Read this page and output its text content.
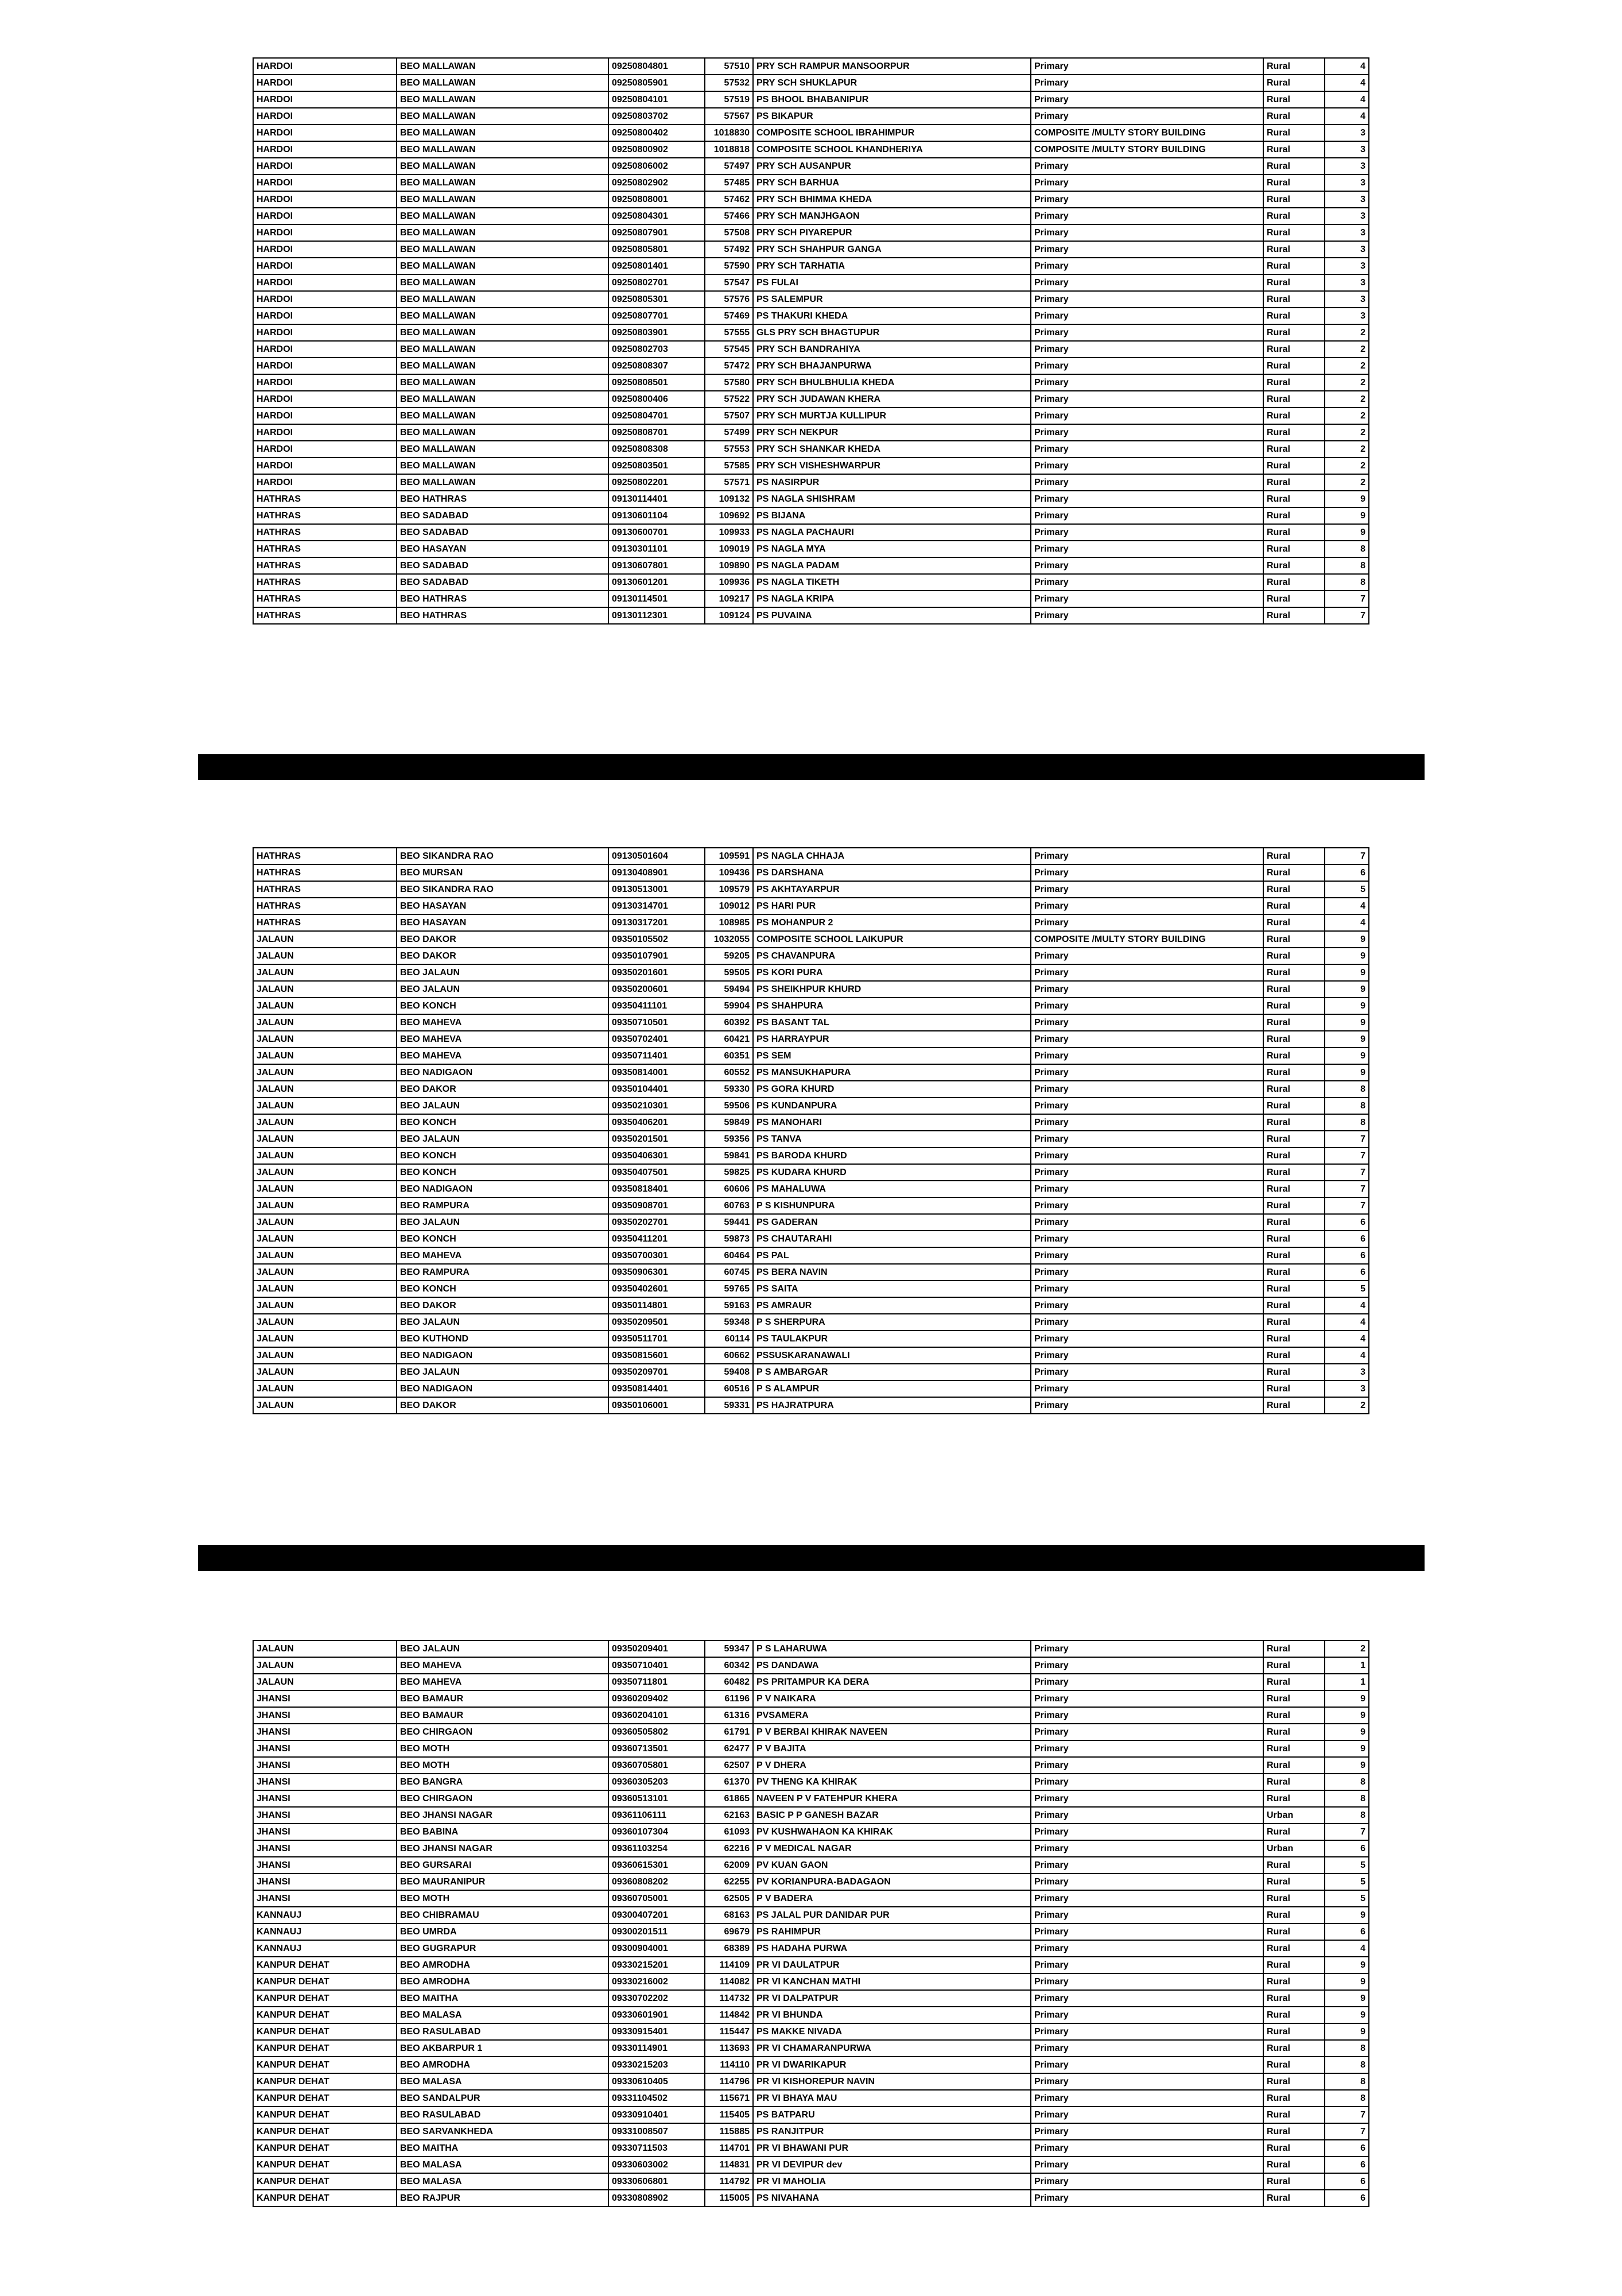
HARDOI	BEO MALLAWAN	09250804801	57510	PRY SCH RAMPUR MANSOORPUR	Primary	Rural	4
HARDOI	BEO MALLAWAN	09250805901	57532	PRY SCH SHUKLAPUR	Primary	Rural	4
HARDOI	BEO MALLAWAN	09250804101	57519	PS BHOOL BHABANIPUR	Primary	Rural	4
HARDOI	BEO MALLAWAN	09250803702	57567	PS BIKAPUR	Primary	Rural	4
HARDOI	BEO MALLAWAN	09250800402	1018830	COMPOSITE SCHOOL IBRAHIMPUR	COMPOSITE /MULTY STORY BUILDING	Rural	3
HARDOI	BEO MALLAWAN	09250800902	1018818	COMPOSITE SCHOOL KHANDHERIYA	COMPOSITE /MULTY STORY BUILDING	Rural	3
HARDOI	BEO MALLAWAN	09250806002	57497	PRY SCH AUSANPUR	Primary	Rural	3
HARDOI	BEO MALLAWAN	09250802902	57485	PRY SCH BARHUA	Primary	Rural	3
HARDOI	BEO MALLAWAN	09250808001	57462	PRY SCH BHIMMA KHEDA	Primary	Rural	3
HARDOI	BEO MALLAWAN	09250804301	57466	PRY SCH MANJHGAON	Primary	Rural	3
HARDOI	BEO MALLAWAN	09250807901	57508	PRY SCH PIYAREPUR	Primary	Rural	3
HARDOI	BEO MALLAWAN	09250805801	57492	PRY SCH SHAHPUR GANGA	Primary	Rural	3
HARDOI	BEO MALLAWAN	09250801401	57590	PRY SCH TARHATIA	Primary	Rural	3
HARDOI	BEO MALLAWAN	09250802701	57547	PS FULAI	Primary	Rural	3
HARDOI	BEO MALLAWAN	09250805301	57576	PS SALEMPUR	Primary	Rural	3
HARDOI	BEO MALLAWAN	09250807701	57469	PS THAKURI KHEDA	Primary	Rural	3
HARDOI	BEO MALLAWAN	09250803901	57555	GLS PRY SCH BHAGTUPUR	Primary	Rural	2
HARDOI	BEO MALLAWAN	09250802703	57545	PRY SCH BANDRAHIYA	Primary	Rural	2
HARDOI	BEO MALLAWAN	09250808307	57472	PRY SCH BHAJANPURWA	Primary	Rural	2
HARDOI	BEO MALLAWAN	09250808501	57580	PRY SCH BHULBHULIA KHEDA	Primary	Rural	2
HARDOI	BEO MALLAWAN	09250800406	57522	PRY SCH JUDAWAN KHERA	Primary	Rural	2
HARDOI	BEO MALLAWAN	09250804701	57507	PRY SCH MURTJA KULLIPUR	Primary	Rural	2
HARDOI	BEO MALLAWAN	09250808701	57499	PRY SCH NEKPUR	Primary	Rural	2
HARDOI	BEO MALLAWAN	09250808308	57553	PRY SCH SHANKAR KHEDA	Primary	Rural	2
HARDOI	BEO MALLAWAN	09250803501	57585	PRY SCH VISHESHWARPUR	Primary	Rural	2
HARDOI	BEO MALLAWAN	09250802201	57571	PS NASIRPUR	Primary	Rural	2
HATHRAS	BEO HATHRAS	09130114401	109132	PS NAGLA SHISHRAM	Primary	Rural	9
HATHRAS	BEO SADABAD	09130601104	109692	PS BIJANA	Primary	Rural	9
HATHRAS	BEO SADABAD	09130600701	109933	PS NAGLA PACHAURI	Primary	Rural	9
HATHRAS	BEO HASAYAN	09130301101	109019	PS NAGLA MYA	Primary	Rural	8
HATHRAS	BEO SADABAD	09130607801	109890	PS NAGLA PADAM	Primary	Rural	8
HATHRAS	BEO SADABAD	09130601201	109936	PS NAGLA TIKETH	Primary	Rural	8
HATHRAS	BEO HATHRAS	09130114501	109217	PS NAGLA KRIPA	Primary	Rural	7
HATHRAS	BEO HATHRAS	09130112301	109124	PS PUVAINA	Primary	Rural	7
HATHRAS	BEO SIKANDRA RAO	09130501604	109591	PS NAGLA CHHAJA	Primary	Rural	7
HATHRAS	BEO MURSAN	09130408901	109436	PS DARSHANA	Primary	Rural	6
HATHRAS	BEO SIKANDRA RAO	09130513001	109579	PS AKHTAYARPUR	Primary	Rural	5
HATHRAS	BEO HASAYAN	09130314701	109012	PS HARI PUR	Primary	Rural	4
HATHRAS	BEO HASAYAN	09130317201	108985	PS MOHANPUR 2	Primary	Rural	4
JALAUN	BEO DAKOR	09350105502	1032055	COMPOSITE SCHOOL LAIKUPUR	COMPOSITE /MULTY STORY BUILDING	Rural	9
JALAUN	BEO DAKOR	09350107901	59205	PS CHAVANPURA	Primary	Rural	9
JALAUN	BEO JALAUN	09350201601	59505	PS KORI PURA	Primary	Rural	9
JALAUN	BEO JALAUN	09350200601	59494	PS SHEIKHPUR KHURD	Primary	Rural	9
JALAUN	BEO KONCH	09350411101	59904	PS SHAHPURA	Primary	Rural	9
JALAUN	BEO MAHEVA	09350710501	60392	PS BASANT TAL	Primary	Rural	9
JALAUN	BEO MAHEVA	09350702401	60421	PS HARRAYPUR	Primary	Rural	9
JALAUN	BEO MAHEVA	09350711401	60351	PS SEM	Primary	Rural	9
JALAUN	BEO NADIGAON	09350814001	60552	PS MANSUKHAPURA	Primary	Rural	9
JALAUN	BEO DAKOR	09350104401	59330	PS GORA KHURD	Primary	Rural	8
JALAUN	BEO JALAUN	09350210301	59506	PS KUNDANPURA	Primary	Rural	8
JALAUN	BEO KONCH	09350406201	59849	PS MANOHARI	Primary	Rural	8
JALAUN	BEO JALAUN	09350201501	59356	PS TANVA	Primary	Rural	7
JALAUN	BEO KONCH	09350406301	59841	PS BARODA KHURD	Primary	Rural	7
JALAUN	BEO KONCH	09350407501	59825	PS KUDARA KHURD	Primary	Rural	7
JALAUN	BEO NADIGAON	09350818401	60606	PS MAHALUWA	Primary	Rural	7
JALAUN	BEO RAMPURA	09350908701	60763	P S KISHUNPURA	Primary	Rural	7
JALAUN	BEO JALAUN	09350202701	59441	PS GADERAN	Primary	Rural	6
JALAUN	BEO KONCH	09350411201	59873	PS CHAUTARAHI	Primary	Rural	6
JALAUN	BEO MAHEVA	09350700301	60464	PS PAL	Primary	Rural	6
JALAUN	BEO RAMPURA	09350906301	60745	PS BERA NAVIN	Primary	Rural	6
JALAUN	BEO KONCH	09350402601	59765	PS SAITA	Primary	Rural	5
JALAUN	BEO DAKOR	09350114801	59163	PS AMRAUR	Primary	Rural	4
JALAUN	BEO JALAUN	09350209501	59348	P S SHERPURA	Primary	Rural	4
JALAUN	BEO KUTHOND	09350511701	60114	PS TAULAKPUR	Primary	Rural	4
JALAUN	BEO NADIGAON	09350815601	60662	PSSUSKARANAWALI	Primary	Rural	4
JALAUN	BEO JALAUN	09350209701	59408	P S AMBARGAR	Primary	Rural	3
JALAUN	BEO NADIGAON	09350814401	60516	P S ALAMPUR	Primary	Rural	3
JALAUN	BEO DAKOR	09350106001	59331	PS HAJRATPURA	Primary	Rural	2
JALAUN	BEO JALAUN	09350209401	59347	P S LAHARUWA	Primary	Rural	2
JALAUN	BEO MAHEVA	09350710401	60342	PS DANDAWA	Primary	Rural	1
JALAUN	BEO MAHEVA	09350711801	60482	PS PRITAMPUR KA DERA	Primary	Rural	1
JHANSI	BEO BAMAUR	09360209402	61196	P V NAIKARA	Primary	Rural	9
JHANSI	BEO BAMAUR	09360204101	61316	PVSAMERA	Primary	Rural	9
JHANSI	BEO CHIRGAON	09360505802	61791	P V BERBAI KHIRAK NAVEEN	Primary	Rural	9
JHANSI	BEO MOTH	09360713501	62477	P V BAJITA	Primary	Rural	9
JHANSI	BEO MOTH	09360705801	62507	P V DHERA	Primary	Rural	9
JHANSI	BEO BANGRA	09360305203	61370	PV THENG KA KHIRAK	Primary	Rural	8
JHANSI	BEO CHIRGAON	09360513101	61865	NAVEEN P V FATEHPUR KHERA	Primary	Rural	8
JHANSI	BEO JHANSI NAGAR	09361106111	62163	BASIC P P GANESH BAZAR	Primary	Urban	8
JHANSI	BEO BABINA	09360107304	61093	PV KUSHWAHAON KA KHIRAK	Primary	Rural	7
JHANSI	BEO JHANSI NAGAR	09361103254	62216	P V MEDICAL NAGAR	Primary	Urban	6
JHANSI	BEO GURSARAI	09360615301	62009	PV KUAN GAON	Primary	Rural	5
JHANSI	BEO MAURANIPUR	09360808202	62255	PV KORIANPURA-BADAGAON	Primary	Rural	5
JHANSI	BEO MOTH	09360705001	62505	P V BADERA	Primary	Rural	5
KANNAUJ	BEO CHIBRAMAU	09300407201	68163	PS JALAL PUR DANIDAR PUR	Primary	Rural	9
KANNAUJ	BEO UMRDA	09300201511	69679	PS RAHIMPUR	Primary	Rural	6
KANNAUJ	BEO GUGRAPUR	09300904001	68389	PS HADAHA PURWA	Primary	Rural	4
KANPUR DEHAT	BEO AMRODHA	09330215201	114109	PR VI DAULATPUR	Primary	Rural	9
KANPUR DEHAT	BEO AMRODHA	09330216002	114082	PR VI KANCHAN MATHI	Primary	Rural	9
KANPUR DEHAT	BEO MAITHA	09330702202	114732	PR VI DALPATPUR	Primary	Rural	9
KANPUR DEHAT	BEO MALASA	09330601901	114842	PR VI BHUNDA	Primary	Rural	9
KANPUR DEHAT	BEO RASULABAD	09330915401	115447	PS MAKKE NIVADA	Primary	Rural	9
KANPUR DEHAT	BEO AKBARPUR 1	09330114901	113693	PR VI CHAMARANPURWA	Primary	Rural	8
KANPUR DEHAT	BEO AMRODHA	09330215203	114110	PR VI DWARIKAPUR	Primary	Rural	8
KANPUR DEHAT	BEO MALASA	09330610405	114796	PR VI KISHOREPUR NAVIN	Primary	Rural	8
KANPUR DEHAT	BEO SANDALPUR	09331104502	115671	PR VI BHAYA MAU	Primary	Rural	8
KANPUR DEHAT	BEO RASULABAD	09330910401	115405	PS BATPARU	Primary	Rural	7
KANPUR DEHAT	BEO SARVANKHEDA	09331008507	115885	PS RANJITPUR	Primary	Rural	7
KANPUR DEHAT	BEO MAITHA	09330711503	114701	PR VI BHAWANI PUR	Primary	Rural	6
KANPUR DEHAT	BEO MALASA	09330603002	114831	PR VI DEVIPUR dev	Primary	Rural	6
KANPUR DEHAT	BEO MALASA	09330606801	114792	PR VI MAHOLIA	Primary	Rural	6
KANPUR DEHAT	BEO RAJPUR	09330808902	115005	PS NIVAHANA	Primary	Rural	6
